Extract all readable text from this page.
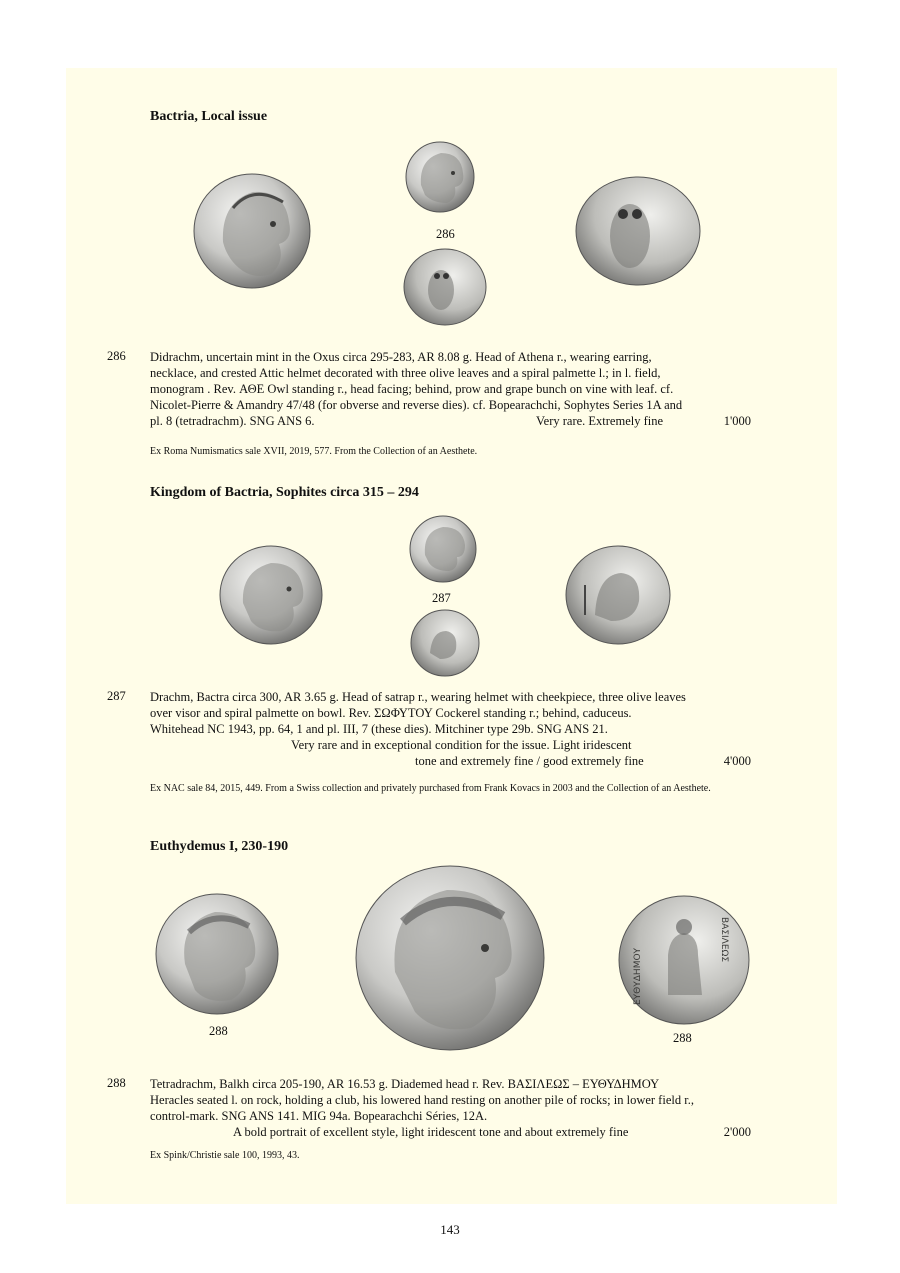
Bactria, Local issue
286
286 Didrachm, uncertain mint in the Oxus circa 295-283, AR 8.08 g. Head of Athena r., wearing earring,
necklace, and crested Attic helmet decorated with three olive leaves and a spiral palmette l.; in l. field,
monogram . Rev. ΑΘΕ Owl standing r., head facing; behind, prow and grape bunch on vine with leaf. cf.
Nicolet-Pierre & Amandry 47/48 (for obverse and reverse dies). cf. Bopearachchi, Sophytes Series 1A and
pl. 8 (tetradrachm). SNG ANS 6.	1'000
Very rare. Extremely fine
Ex Roma Numismatics sale XVII, 2019, 577. From the Collection of an Aesthete.
Kingdom of Bactria, Sophites circa 315 – 294
287
287 Drachm, Bactra circa 300, AR 3.65 g. Head of satrap r., wearing helmet with cheekpiece, three olive leaves
over visor and spiral palmette on bowl. Rev. ΣΩΦΥΤΟΥ Cockerel standing r.; behind, caduceus.
Whitehead NC 1943, pp. 64, 1 and pl. III, 7 (these dies). Mitchiner type 29b. SNG ANS 21.
Very rare and in exceptional condition for the issue. Light iridescent
4'000
tone and extremely fine / good extremely fine
Ex NAC sale 84, 2015, 449. From a Swiss collection and privately purchased from Frank Kovacs in 2003 and the Collection of an Aesthete.
Euthydemus I, 230-190
288
ΒΑΣΙΛΕΩΣ
ΕΥΘΥΔΗΜΟΥ
288
288 Tetradrachm, Balkh circa 205-190, AR 16.53 g. Diademed head r. Rev. ΒΑΣΙΛΕΩΣ – ΕΥΘΥΔΗΜΟΥ
Heracles seated l. on rock, holding a club, his lowered hand resting on another pile of rocks; in lower field r.,
control-mark. SNG ANS 141. MIG 94a. Bopearachchi Séries, 12A.
2'000
A bold portrait of excellent style, light iridescent tone and about extremely fine
Ex Spink/Christie sale 100, 1993, 43.
143
